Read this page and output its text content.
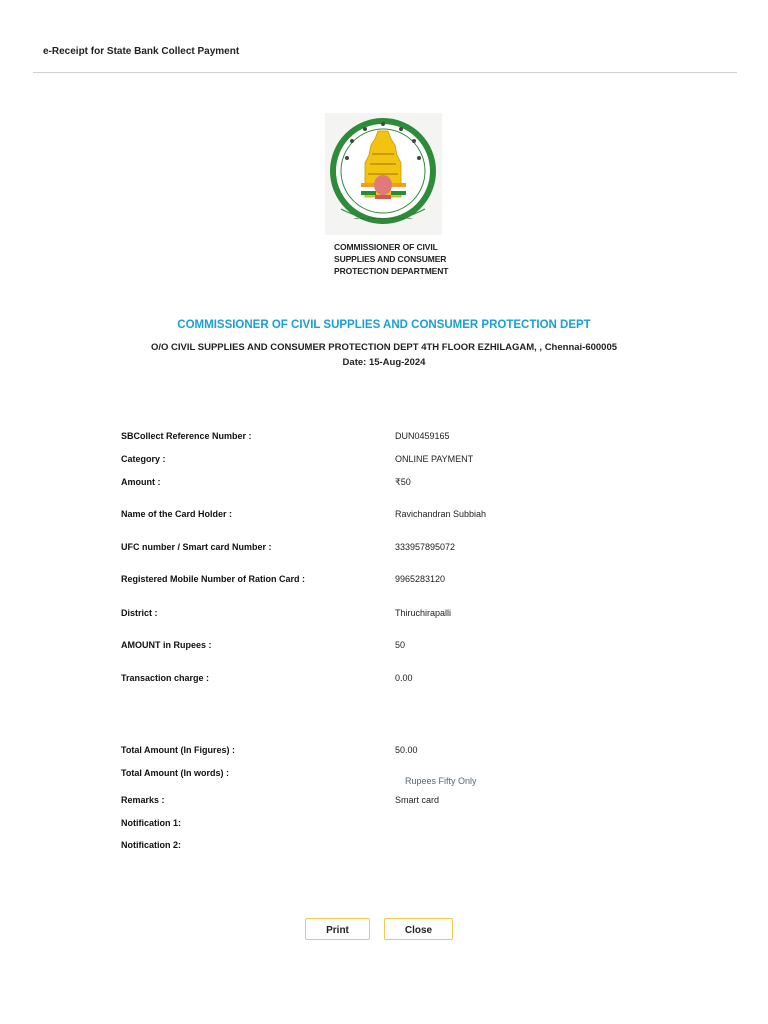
e-Receipt for State Bank Collect Payment
~~~~~~~~~~
COMMISSIONER OF CIVIL
SUPPLIES AND CONSUMER
PROTECTION DEPARTMENT
COMMISSIONER OF CIVIL SUPPLIES AND CONSUMER PROTECTION DEPT
O/O CIVIL SUPPLIES AND CONSUMER PROTECTION DEPT 4TH FLOOR EZHILAGAM, , Chennai-600005
Date: 15-Aug-2024
SBCollect Reference Number :	DUN0459165
Category :	ONLINE PAYMENT
Amount :	₹50
Name of the Card Holder :	Ravichandran Subbiah
UFC number / Smart card Number :	333957895072
Registered Mobile Number of Ration Card :	9965283120
District :	Thiruchirapalli
AMOUNT in Rupees :	50
Transaction charge :	0.00
Total Amount (In Figures) :	50.00
Total Amount (In words) :
Rupees Fifty Only
Remarks :	Smart card
Notification 1:
Notification 2:
Print	Close
